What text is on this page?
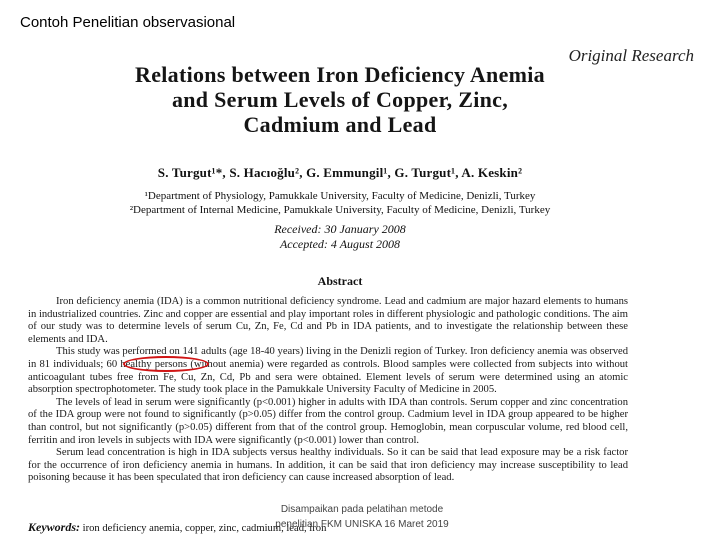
Contoh Penelitian observasional
Original Research
Relations between Iron Deficiency Anemia
and Serum Levels of Copper, Zinc,
Cadmium and Lead
S. Turgut¹*, S. Hacıoğlu², G. Emmungil¹, G. Turgut¹, A. Keskin²
¹Department of Physiology, Pamukkale University, Faculty of Medicine, Denizli, Turkey
²Department of Internal Medicine, Pamukkale University, Faculty of Medicine, Denizli, Turkey
Received: 30 January 2008
Accepted: 4 August 2008
Abstract

Iron deficiency anemia (IDA) is a common nutritional deficiency syndrome. Lead and cadmium are major hazard elements to humans in industrialized countries. Zinc and copper are essential and play important roles in different physiologic and pathologic conditions. The aim of our study was to determine levels of serum Cu, Zn, Fe, Cd and Pb in IDA patients, and to investigate the relationship between these elements and IDA.

This study was performed on 141 adults (age 18-40 years) living in the Denizli region of Turkey. Iron deficiency anemia was observed in 81 individuals; 60 healthy persons (without anemia) were regarded as controls. Blood samples were collected from subjects into without anticoagulant tubes free from Fe, Cu, Zn, Cd, Pb and sera were obtained. Element levels of serum were determined using an atomic absorption spectrophotometer. The study took place in the Pamukkale University Faculty of Medicine in 2005.

The levels of lead in serum were significantly (p<0.001) higher in adults with IDA than controls. Serum copper and zinc concentration of the IDA group were not found to significantly (p>0.05) differ from the control group. Cadmium level in IDA group appeared to be higher than control, but not significantly (p>0.05) different from that of the control group. Hemoglobin, mean corpuscular volume, red blood cell, ferritin and iron levels in subjects with IDA were significantly (p<0.001) lower than control.

Serum lead concentration is high in IDA subjects versus healthy individuals. So it can be said that lead exposure may be a risk factor for the occurrence of iron deficiency anemia in humans. In addition, it can be said that iron deficiency may increase susceptibility to lead poisoning because it has been speculated that iron deficiency can cause increased absorption of lead.

Keywords: iron deficiency anemia, copper, zinc, cadmium, lead, iron
Disampaikan pada pelatihan metode
penelitian FKM UNISKA 16 Maret 2019
